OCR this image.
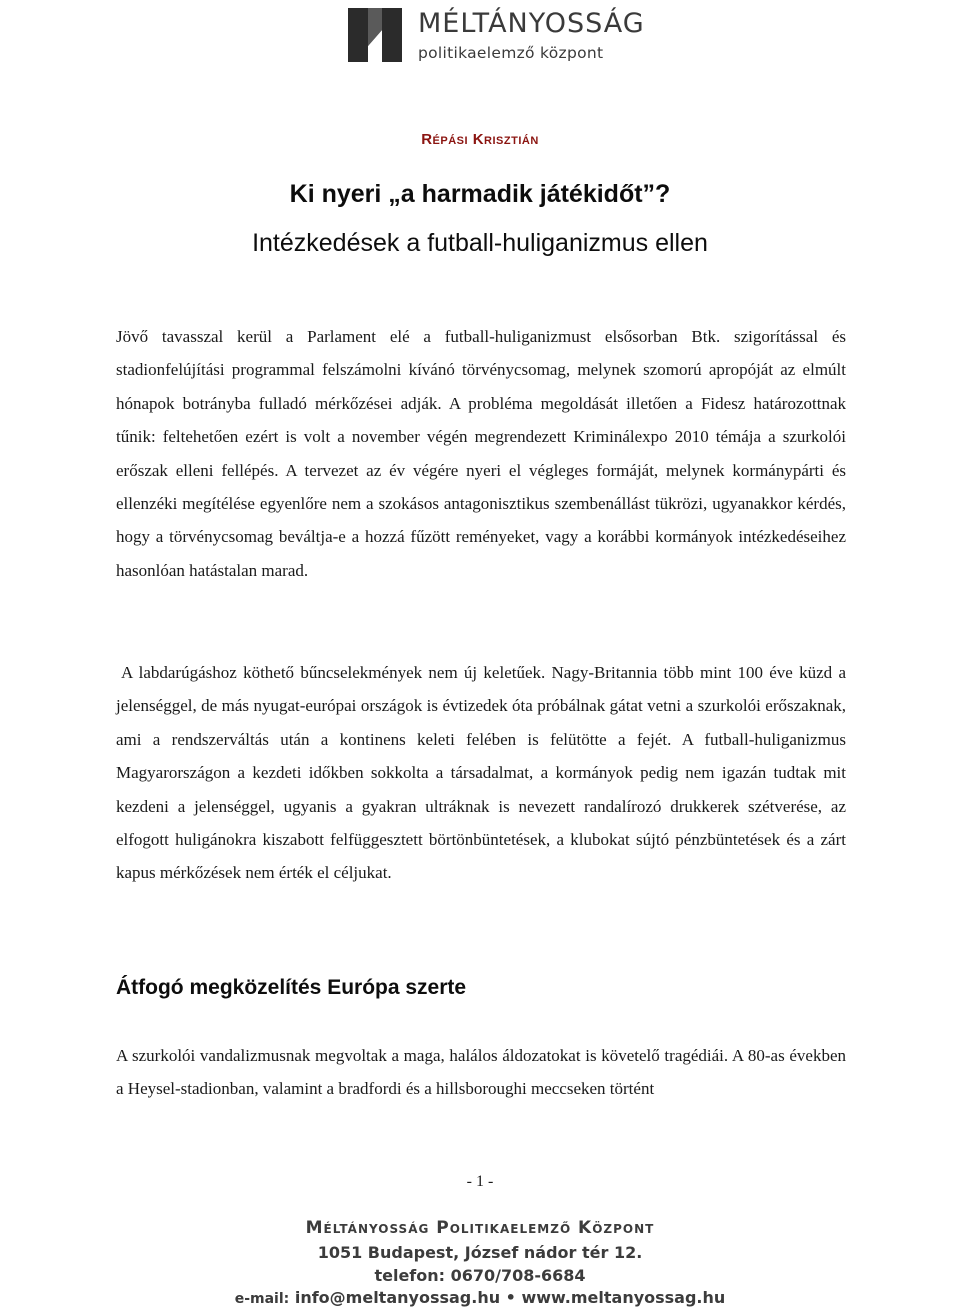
MÉLTÁNYOSSÁG
politikaelemző központ
Répási Krisztián
Ki nyeri „a harmadik játékidőt”?
Intézkedések a futball-huliganizmus ellen

Jövő tavasszal kerül a Parlament elé a futball-huliganizmust elsősorban Btk. szigorítással és stadionfelújítási programmal felszámolni kívánó törvénycsomag, melynek szomorú apropóját az elmúlt hónapok botrányba fulladó mérkőzései adják. A probléma megoldását illetően a Fidesz határozottnak tűnik: feltehetően ezért is volt a november végén megrendezett Kriminálexpo 2010 témája a szurkolói erőszak elleni fellépés. A tervezet az év végére nyeri el végleges formáját, melynek kormánypárti és ellenzéki megítélése egyenlőre nem a szokásos antagonisztikus szembenállást tükrözi, ugyanakkor kérdés, hogy a törvénycsomag beváltja-e a hozzá fűzött reményeket, vagy a korábbi kormányok intézkedéseihez hasonlóan hatástalan marad.

A labdarúgáshoz köthető bűncselekmények nem új keletűek. Nagy-Britannia több mint 100 éve küzd a jelenséggel, de más nyugat-európai országok is évtizedek óta próbálnak gátat vetni a szurkolói erőszaknak, ami a rendszerváltás után a kontinens keleti felében is felütötte a fejét. A futball-huliganizmus Magyarországon a kezdeti időkben sokkolta a társadalmat, a kormányok pedig nem igazán tudtak mit kezdeni a jelenséggel, ugyanis a gyakran ultráknak is nevezett randalírozó drukkerek szétverése, az elfogott huligánokra kiszabott felfüggesztett börtönbüntetések, a klubokat sújtó pénzbüntetések és a zárt kapus mérkőzések nem érték el céljukat.

Átfogó megközelítés Európa szerte

A szurkolói vandalizmusnak megvoltak a maga, halálos áldozatokat is követelő tragédiái. A 80-as években a Heysel-stadionban, valamint a bradfordi és a hillsboroughi meccseken történt

- 1 -
Méltányosság Politikaelemző Központ
1051 Budapest, József nádor tér 12.
telefon: 0670/708-6684
e-mail: info@meltanyossag.hu • www.meltanyossag.hu
